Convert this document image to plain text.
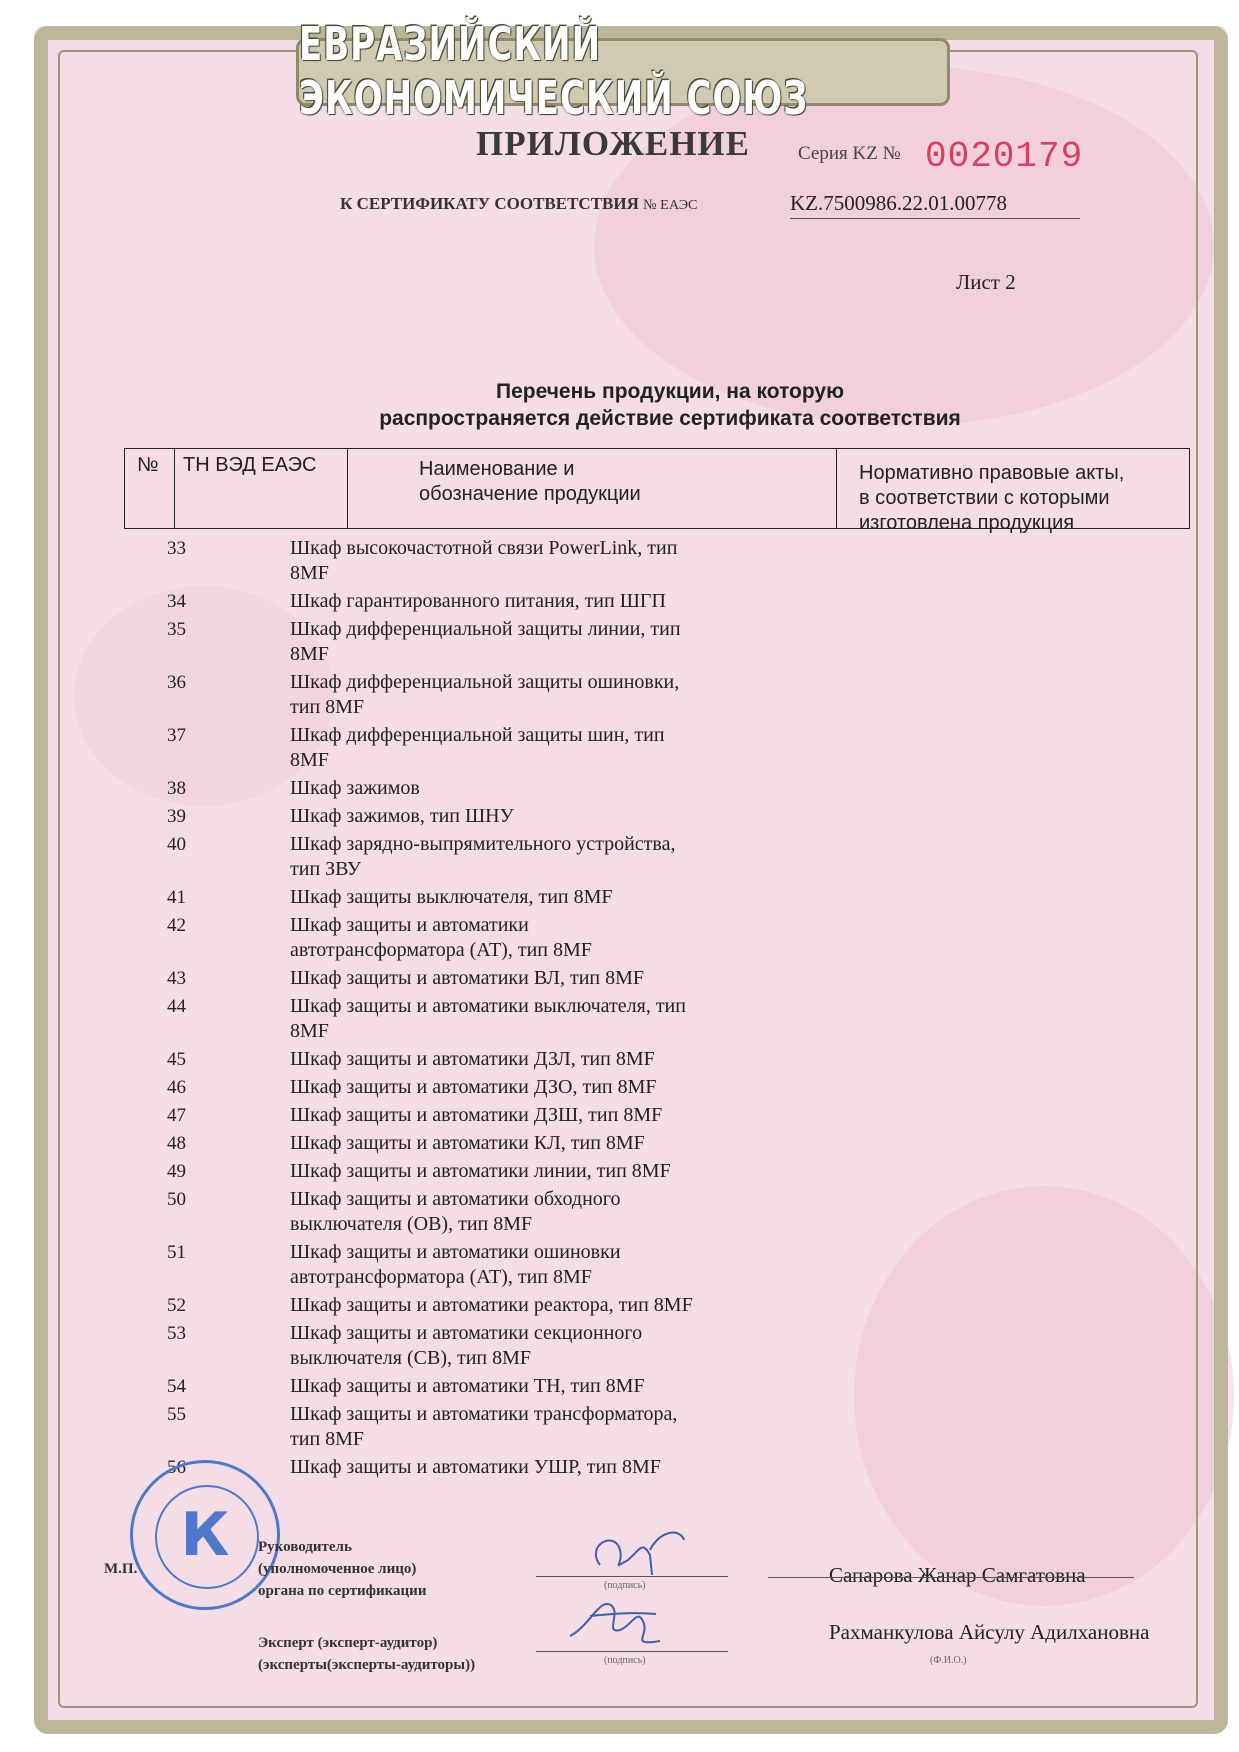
ЕВРАЗИЙСКИЙ ЭКОНОМИЧЕСКИЙ СОЮЗ
ПРИЛОЖЕНИЕ	Серия KZ № 0020179
К СЕРТИФИКАТУ СООТВЕТСТВИЯ № ЕАЭС	KZ.7500986.22.01.00778
Лист 2
Перечень продукции, на которую
распространяется действие сертификата соответствия
№ ТН ВЭД ЕАЭС	Наименование и
обозначение продукции
Нормативно правовые акты,
в соответствии с которыми
изготовлена продукция
33	Шкаф высокочастотной связи PowerLink, тип
8MF
34	Шкаф гарантированного питания, тип ШГП
35	Шкаф дифференциальной защиты линии, тип
8MF
36	Шкаф дифференциальной защиты ошиновки,
тип 8MF
37	Шкаф дифференциальной защиты шин, тип
8MF
38	Шкаф зажимов
39	Шкаф зажимов, тип ШНУ
40	Шкаф зарядно-выпрямительного устройства,
тип ЗВУ
41	Шкаф защиты выключателя, тип 8MF
42	Шкаф защиты и автоматики
автотрансформатора (АТ), тип 8MF
43	Шкаф защиты и автоматики ВЛ, тип 8MF
44	Шкаф защиты и автоматики выключателя, тип
8MF
45	Шкаф защиты и автоматики ДЗЛ, тип 8MF
46	Шкаф защиты и автоматики ДЗО, тип 8MF
47	Шкаф защиты и автоматики ДЗШ, тип 8MF
48	Шкаф защиты и автоматики КЛ, тип 8MF
49	Шкаф защиты и автоматики линии, тип 8MF
50	Шкаф защиты и автоматики обходного
выключателя (ОВ), тип 8MF
51	Шкаф защиты и автоматики ошиновки
автотрансформатора (АТ), тип 8MF
52	Шкаф защиты и автоматики реактора, тип 8MF
53	Шкаф защиты и автоматики секционного
выключателя (СВ), тип 8MF
54	Шкаф защиты и автоматики ТН, тип 8MF
55	Шкаф защиты и автоматики трансформатора,
тип 8MF
56	Шкаф защиты и автоматики УШР, тип 8MF
К
М.П.
Руководитель
(уполномоченное лицо)
органа по сертификации	(подпись)	Сапарова Жанар Самгатовна
Эксперт (эксперт-аудитор)
(эксперты(эксперты-аудиторы))	(подпись)
Рахманкулова Айсулу Адилхановна
(Ф.И.О.)
